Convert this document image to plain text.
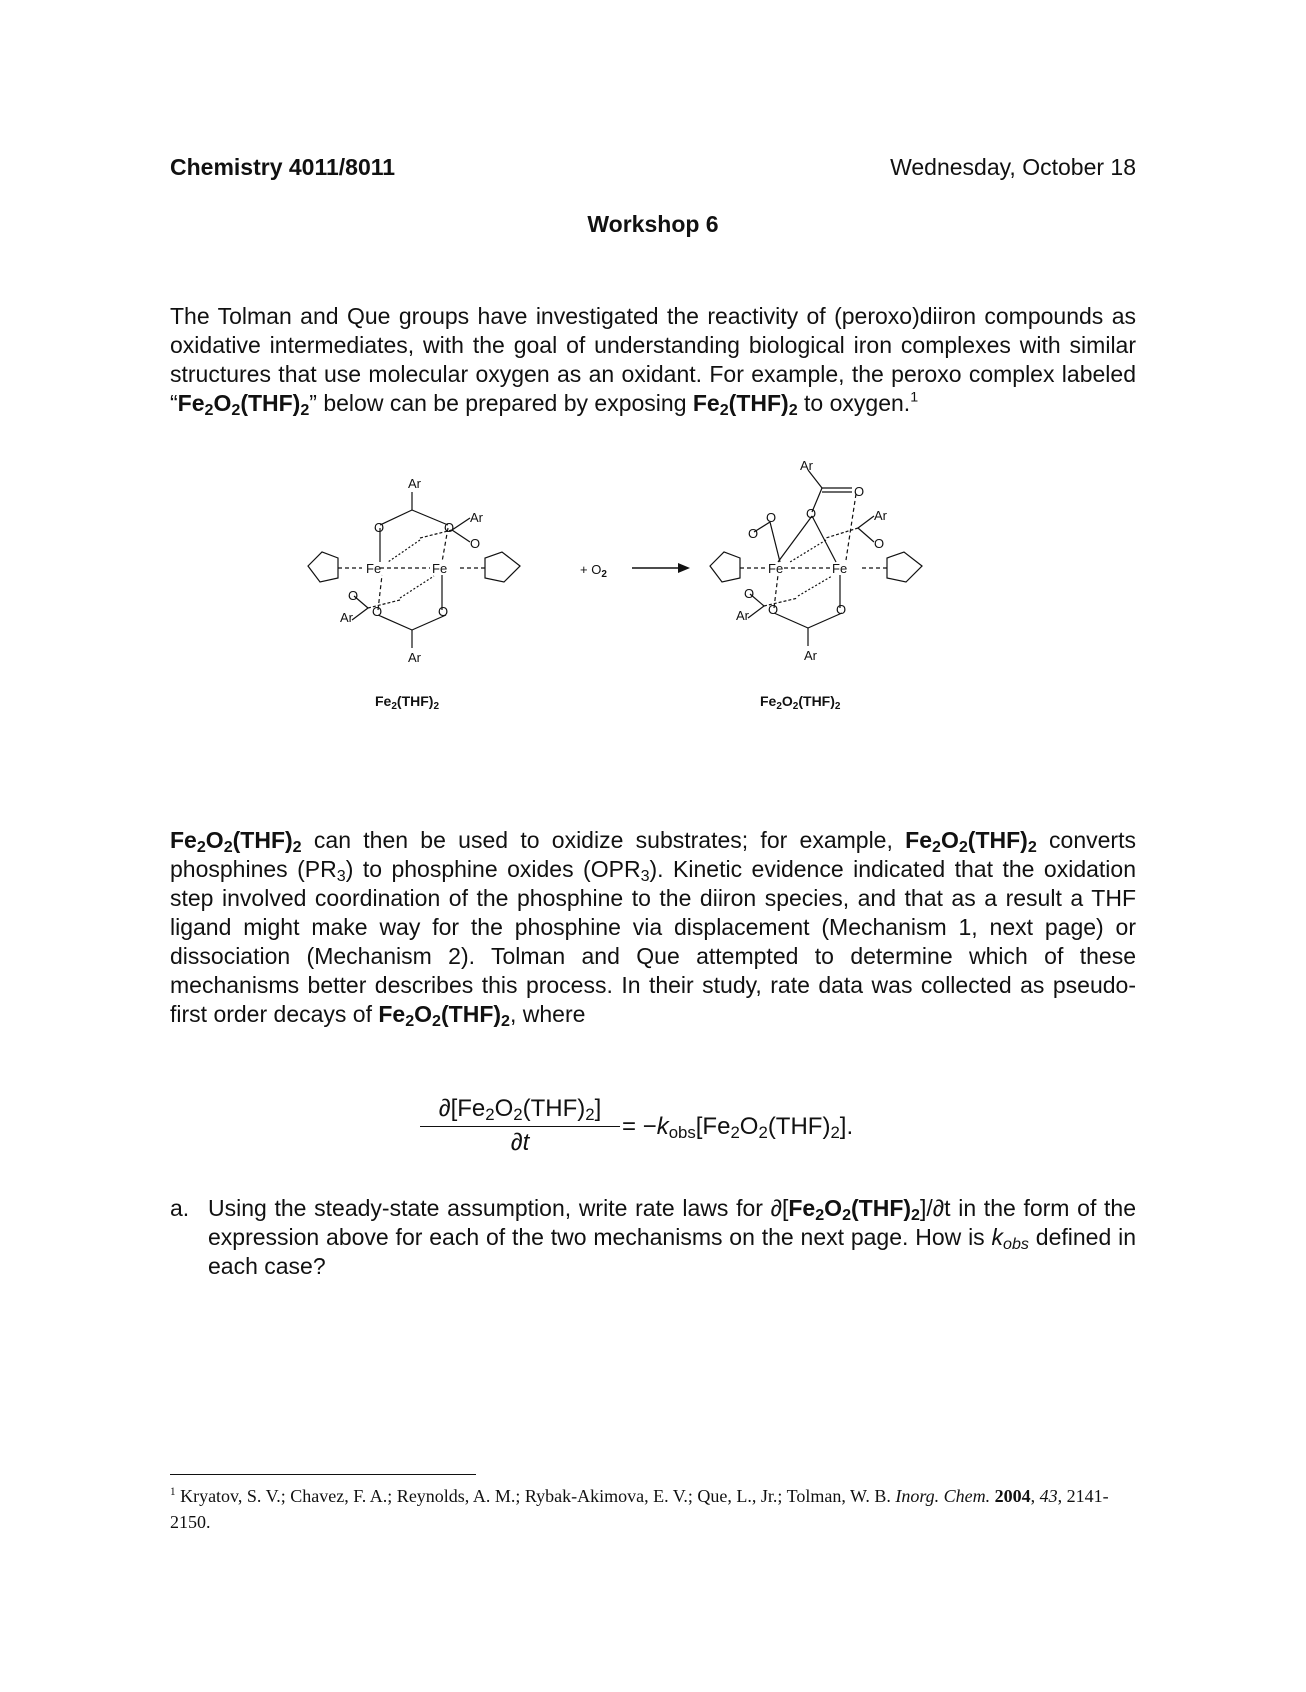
Chemistry 4011/8011	Wednesday, October 18
Workshop 6
The Tolman and Que groups have investigated the reactivity of (peroxo)diiron compounds as oxidative intermediates, with the goal of understanding biological iron complexes with similar structures that use molecular oxygen as an oxidant. For example, the peroxo complex labeled “$Fe_2O_2(THF)_2$” below can be prepared by exposing $Fe_2(THF)_2$ to oxygen.$^1$
Ar
Ar
Ar
Ar
Fe	Fe
O	O
O
O	O
O
+ $O_2$
Ar
Ar
Ar
Ar
Fe	Fe
O
O
O
O
O
O	O
O
$Fe_2(THF)_2$	$Fe_2O_2(THF)_2$
$Fe_2O_2(THF)_2$ can then be used to oxidize substrates; for example, $Fe_2O_2(THF)_2$ converts phosphines $(PR_3)$ to phosphine oxides $(OPR_3)$. Kinetic evidence indicated that the oxidation step involved coordination of the phosphine to the diiron species, and that as a result a THF ligand might make way for the phosphine via displacement (Mechanism 1, next page) or dissociation (Mechanism 2). Tolman and Que attempted to determine which of these mechanisms better describes this process. In their study, rate data was collected as pseudo-first order decays of $Fe_2O_2(THF)_2$, where
$\partial[Fe_2O_2(THF)_2]$
∂t
= $-k_{obs}[Fe_2O_2(THF)_2]$.
a. Using the steady-state assumption, write rate laws for $\partial[Fe_2O_2(THF)_2]/\partial t$ in the form of the expression above for each of the two mechanisms on the next page. How is $k_{obs}$ defined in each case?
$^1$ Kryatov, S. V.; Chavez, F. A.; Reynolds, A. M.; Rybak-Akimova, E. V.; Que, L., Jr.; Tolman, W. B. Inorg. Chem. 2004, 43, 2141-2150.
